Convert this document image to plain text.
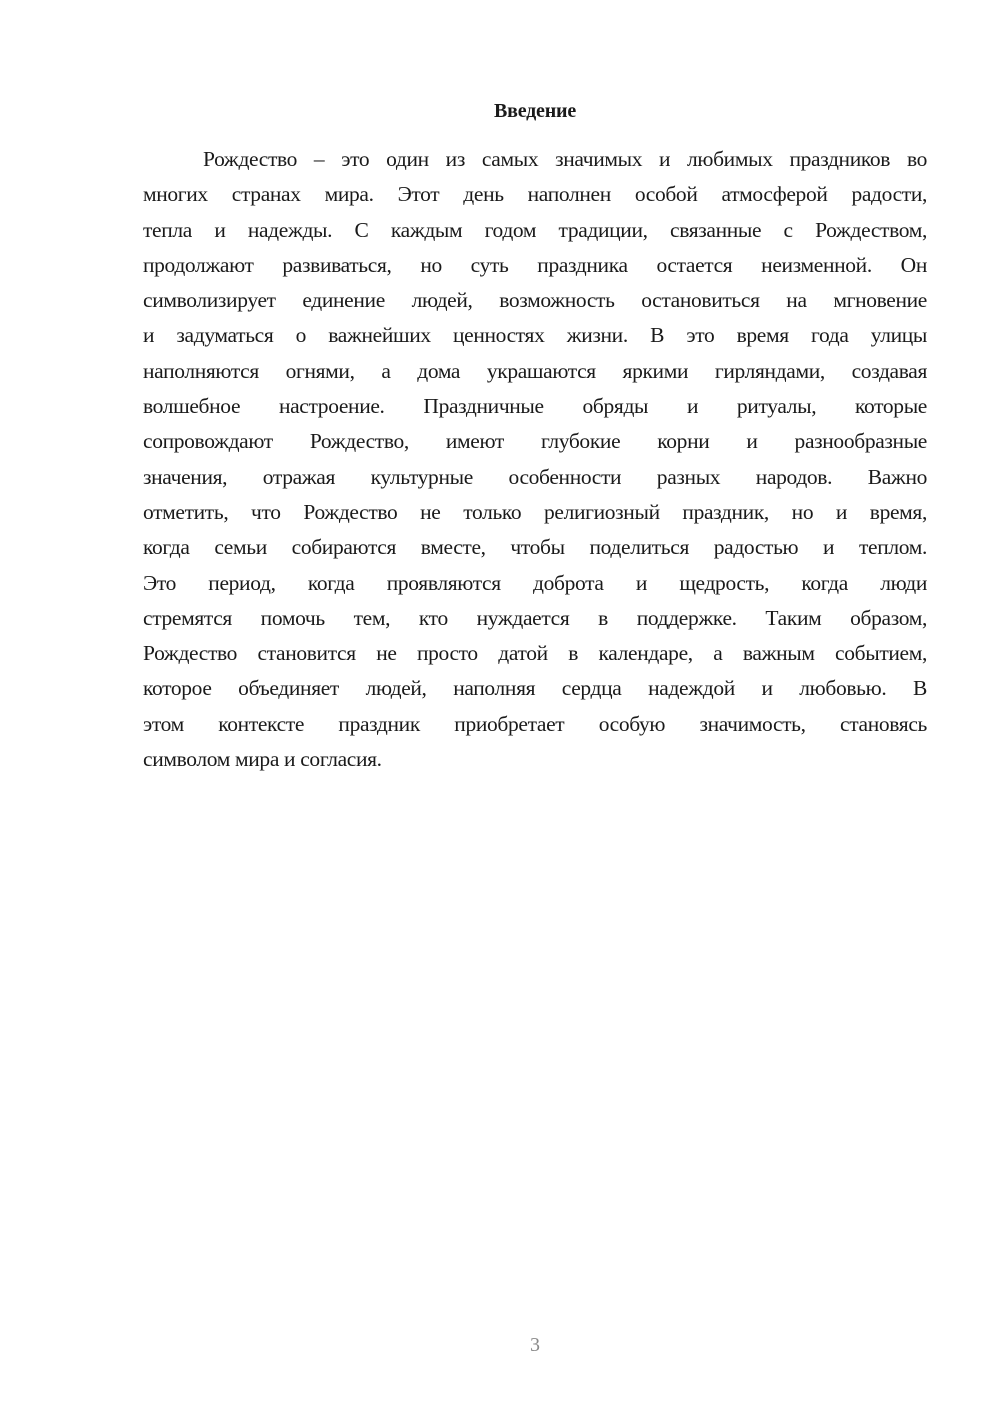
Введение
Рождество – это один из самых значимых и любимых праздников во
многих странах мира. Этот день наполнен особой атмосферой радости,
тепла и надежды. С каждым годом традиции, связанные с Рождеством,
продолжают развиваться, но суть праздника остается неизменной. Он
символизирует единение людей, возможность остановиться на мгновение
и задуматься о важнейших ценностях жизни. В это время года улицы
наполняются огнями, а дома украшаются яркими гирляндами, создавая
волшебное настроение. Праздничные обряды и ритуалы, которые
сопровождают Рождество, имеют глубокие корни и разнообразные
значения, отражая культурные особенности разных народов. Важно
отметить, что Рождество не только религиозный праздник, но и время,
когда семьи собираются вместе, чтобы поделиться радостью и теплом.
Это период, когда проявляются доброта и щедрость, когда люди
стремятся помочь тем, кто нуждается в поддержке. Таким образом,
Рождество становится не просто датой в календаре, а важным событием,
которое объединяет людей, наполняя сердца надеждой и любовью. В
этом контексте праздник приобретает особую значимость, становясь
символом мира и согласия.
3
